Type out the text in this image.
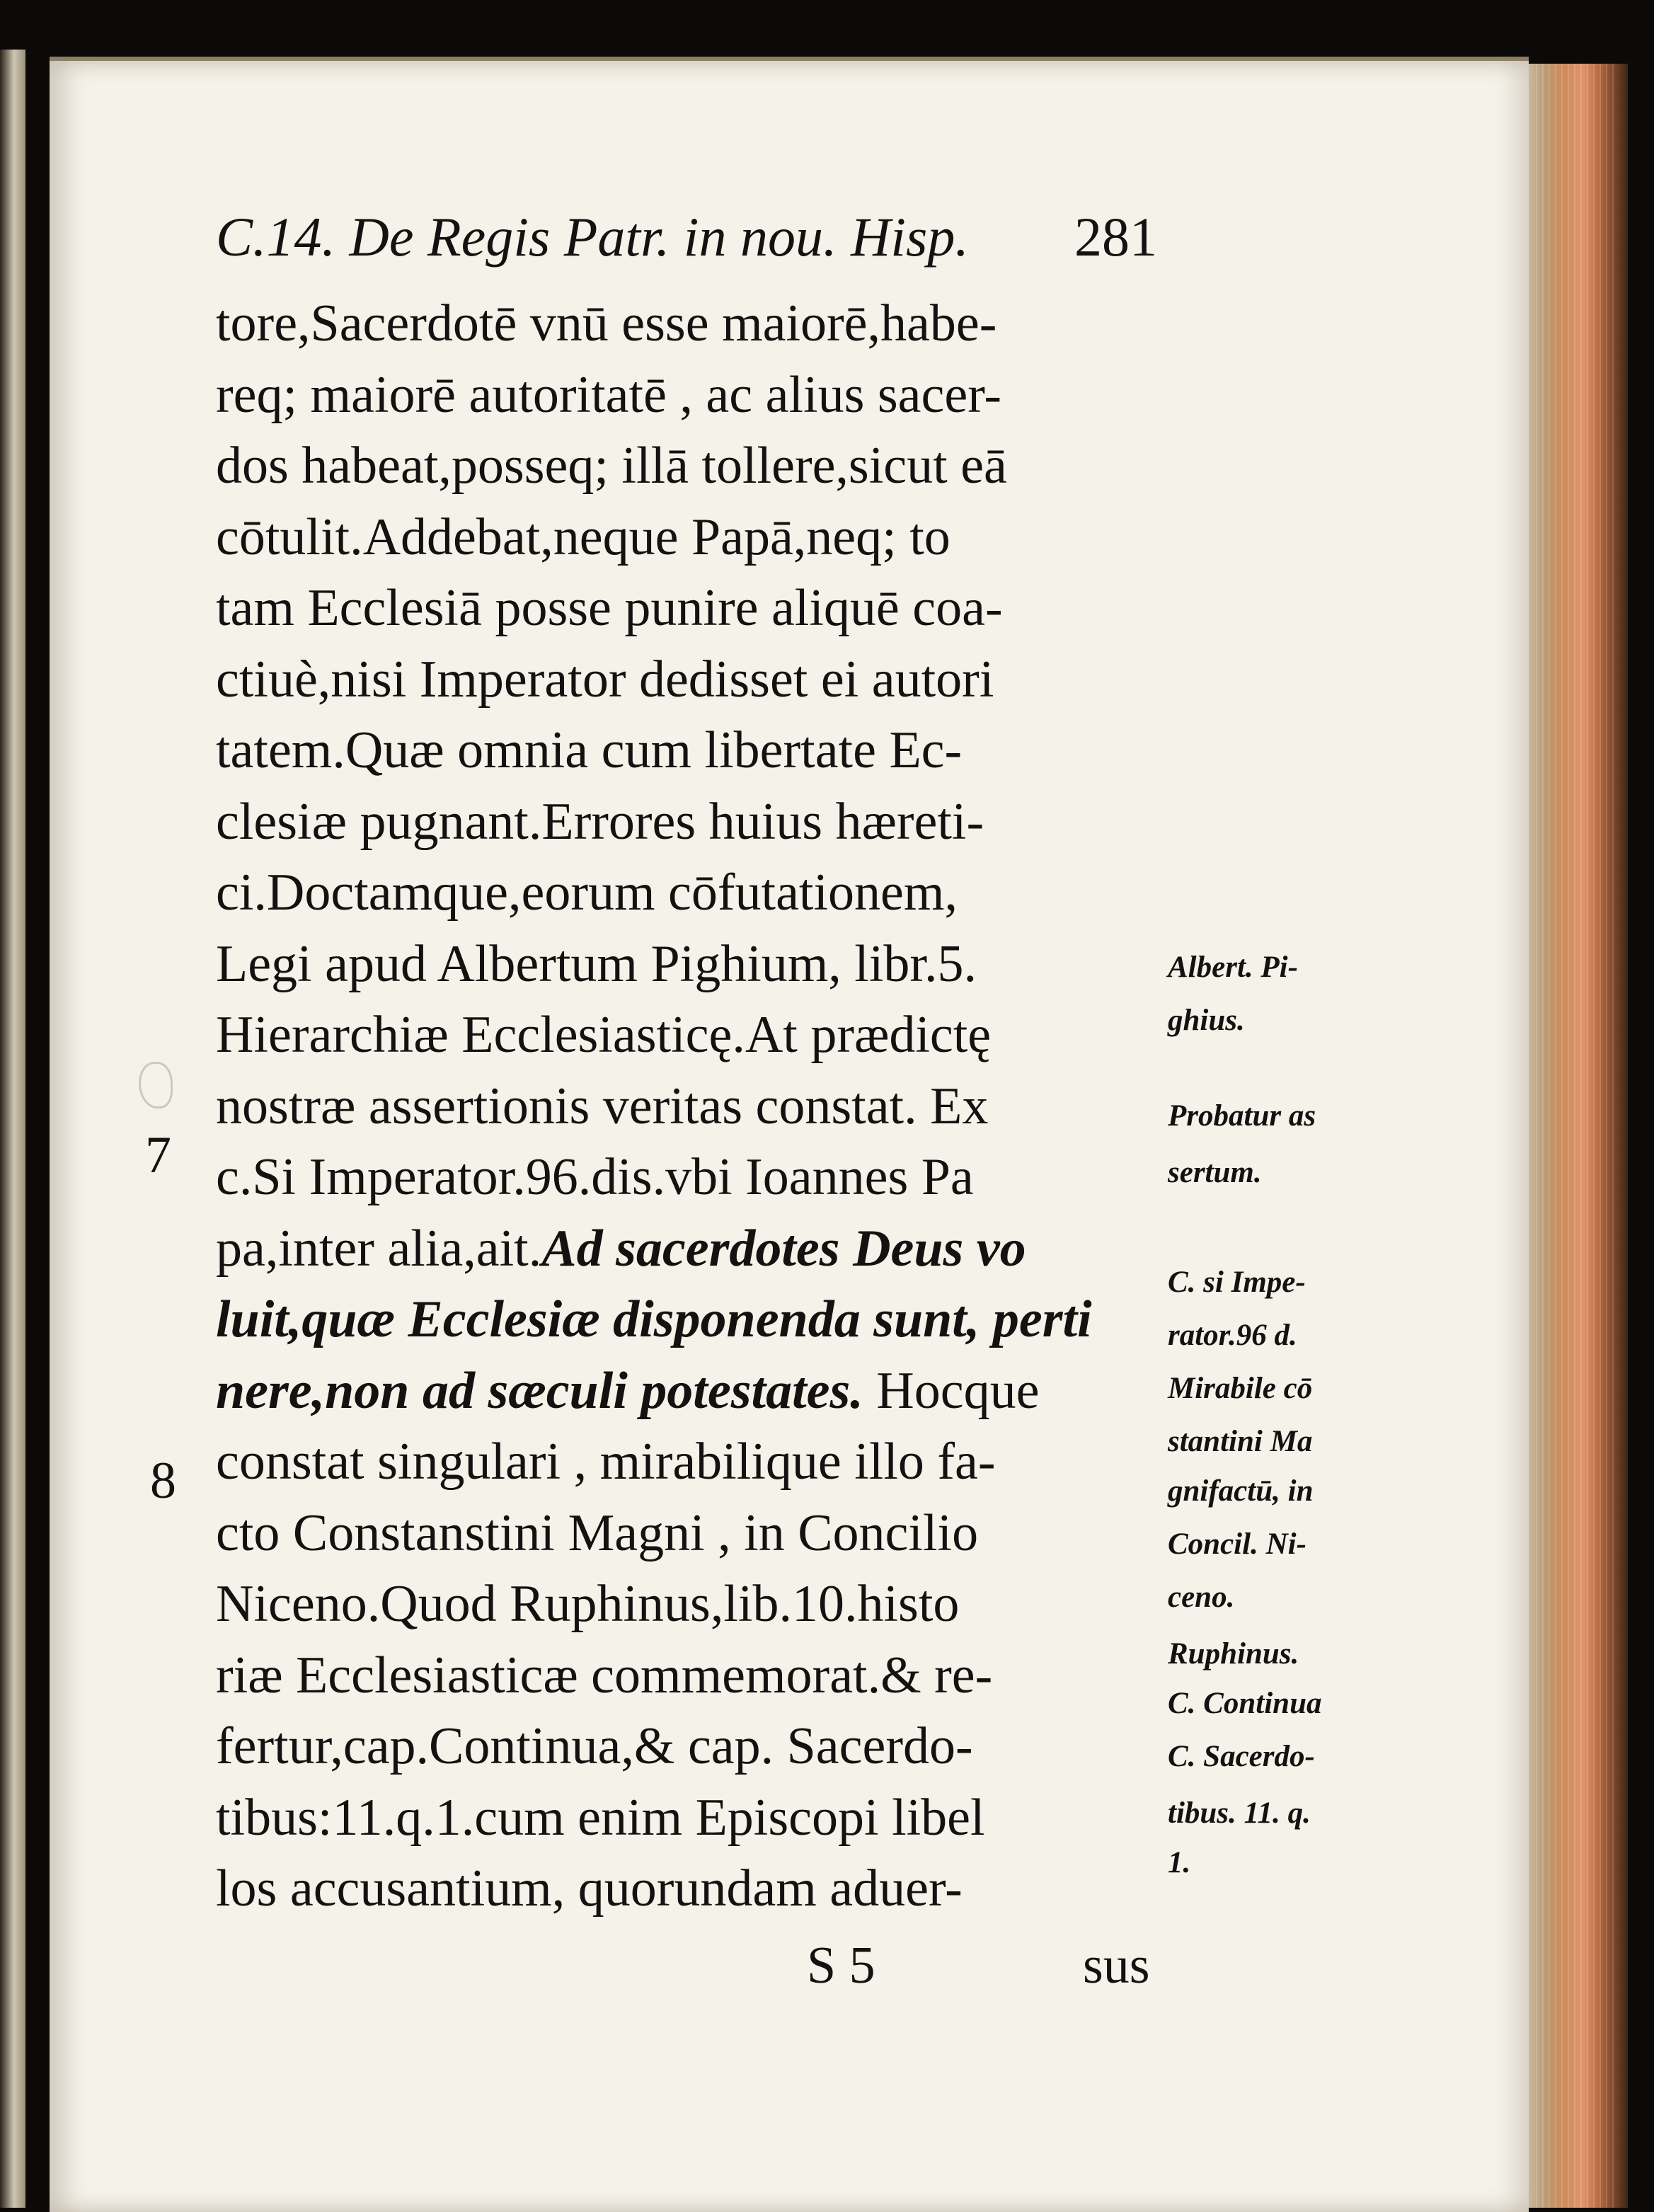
C.14. De Regis Patr. in nou. Hisp. 281
tore,Sacerdotē vnū esse maiorē,habe-
req; maiorē autoritatē , ac alius sacer-
dos habeat,posseq; illā tollere,sicut eā
cōtulit.Addebat,neque Papā,neq; to
tam Ecclesiā posse punire aliquē coa-
ctiuè,nisi Imperator dedisset ei autori
tatem.Quæ omnia cum libertate Ec-
clesiæ pugnant.Errores huius hæreti-
ci.Doctamque,eorum cōfutationem,
Legi apud Albertum Pighium, libr.5.
Hierarchiæ Ecclesiasticę.At prædictę
nostræ assertionis veritas constat. Ex
c.Si Imperator.96.dis.vbi Ioannes Pa
pa,inter alia,ait.Ad sacerdotes Deus vo
luit,quæ Ecclesiæ disponenda sunt, perti
nere,non ad sæculi potestates. Hocque
constat singulari , mirabilique illo fa-
cto Constanstini Magni , in Concilio
Niceno.Quod Ruphinus,lib.10.histo
riæ Ecclesiasticæ commemorat.& re-
fertur,cap.Continua,& cap. Sacerdo-
tibus:11.q.1.cum enim Episcopi libel
los accusantium, quorundam aduer-
Albert. Pi-
ghius.
Probatur as
sertum.
C. si Impe-
rator.96 d.
Mirabile cō
stantini Ma
gnifactū, in
Concil. Ni-
ceno.
Ruphinus.
C. Continua
C. Sacerdo-
tibus. 11. q.
1.
7
8
S 5	sus
